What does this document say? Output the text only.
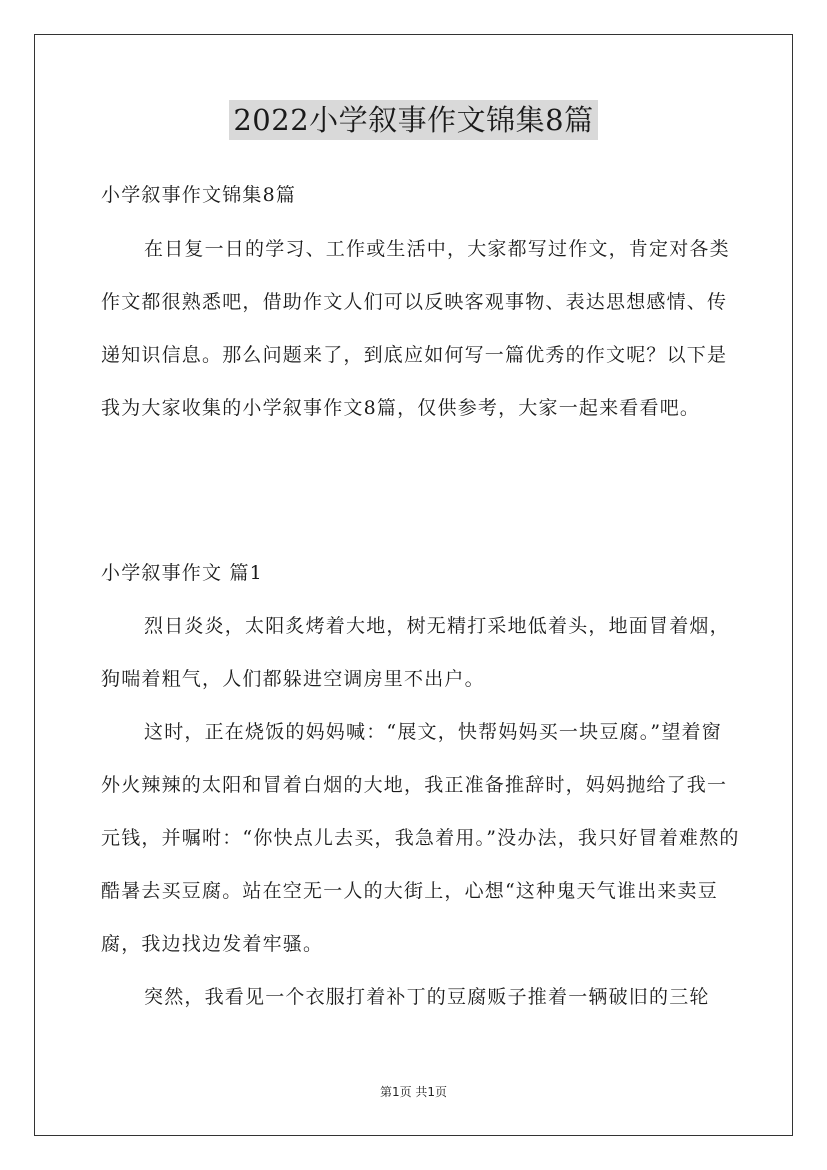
2022小学叙事作文锦集8篇
小学叙事作文锦集8篇

在日复一日的学习、工作或生活中，大家都写过作文，肯定对各类作文都很熟悉吧，借助作文人们可以反映客观事物、表达思想感情、传递知识信息。那么问题来了，到底应如何写一篇优秀的作文呢？以下是我为大家收集的小学叙事作文8篇，仅供参考，大家一起来看看吧。

小学叙事作文 篇1

烈日炎炎，太阳炙烤着大地，树无精打采地低着头，地面冒着烟，狗喘着粗气，人们都躲进空调房里不出户。

这时，正在烧饭的妈妈喊：“展文，快帮妈妈买一块豆腐。”望着窗外火辣辣的太阳和冒着白烟的大地，我正准备推辞时，妈妈抛给了我一元钱，并嘱咐：“你快点儿去买，我急着用。”没办法，我只好冒着难熬的酷暑去买豆腐。站在空无一人的大街上，心想“这种鬼天气谁出来卖豆腐，我边找边发着牢骚。

突然，我看见一个衣服打着补丁的豆腐贩子推着一辆破旧的三轮

第1页 共1页
